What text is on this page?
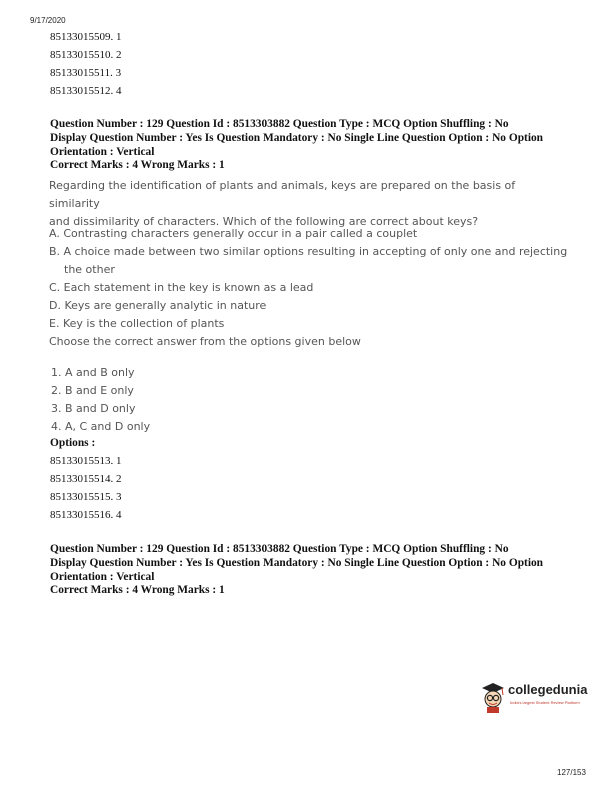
9/17/2020
85133015509. 1
85133015510. 2
85133015511. 3
85133015512. 4
Question Number : 129 Question Id : 8513303882 Question Type : MCQ Option Shuffling : No
Display Question Number : Yes Is Question Mandatory : No Single Line Question Option : No Option
Orientation : Vertical
Correct Marks : 4 Wrong Marks : 1
Regarding the identification of plants and animals, keys are prepared on the basis of similarity
and dissimilarity of characters. Which of the following are correct about keys?
A. Contrasting characters generally occur in a pair called a couplet
B. A choice made between two similar options resulting in accepting of only one and rejecting
the other
C. Each statement in the key is known as a lead
D. Keys are generally analytic in nature
E. Key is the collection of plants
Choose the correct answer from the options given below
1. A and B only
2. B and E only
3. B and D only
4. A, C and D only
Options :
85133015513. 1
85133015514. 2
85133015515. 3
85133015516. 4
Question Number : 129 Question Id : 8513303882 Question Type : MCQ Option Shuffling : No
Display Question Number : Yes Is Question Mandatory : No Single Line Question Option : No Option
Orientation : Vertical
Correct Marks : 4 Wrong Marks : 1
collegedunia
India's largest Student Review Platform
127/153
